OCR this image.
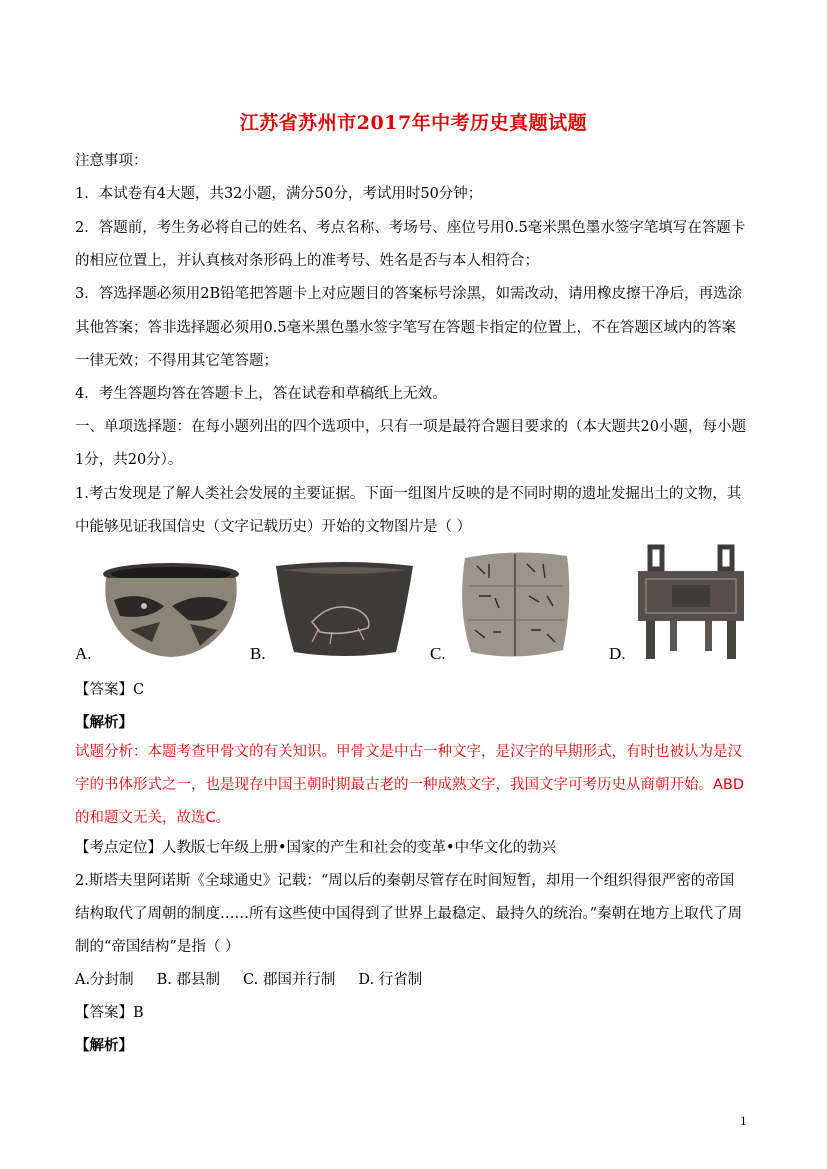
江苏省苏州市2017年中考历史真题试题
注意事项：
1．本试卷有4大题，共32小题，满分50分，考试用时50分钟；
2．答题前，考生务必将自己的姓名、考点名称、考场号、座位号用0.5毫米黑色墨水签字笔填写在答题卡
的相应位置上，并认真核对条形码上的准考号、姓名是否与本人相符合；
3．答选择题必须用2B铅笔把答题卡上对应题目的答案标号涂黑，如需改动，请用橡皮擦干净后，再选涂
其他答案；答非选择题必须用0.5毫米黑色墨水签字笔写在答题卡指定的位置上，不在答题区域内的答案
一律无效；不得用其它笔答题；
4．考生答题均答在答题卡上，答在试卷和草稿纸上无效。
一、单项选择题：在每小题列出的四个选项中，只有一项是最符合题目要求的（本大题共20小题，每小题
1分，共20分）。
1.考古发现是了解人类社会发展的主要证据。下面一组图片反映的是不同时期的遗址发掘出土的文物，其
中能够见证我国信史（文字记载历史）开始的文物图片是（ ）
A.	B.	C.	D.
【答案】C
【解析】
试题分析：本题考查甲骨文的有关知识。甲骨文是中古一种文字，是汉字的早期形式，有时也被认为是汉
字的书体形式之一，也是现存中国王朝时期最古老的一种成熟文字，我国文字可考历史从商朝开始。ABD
的和题文无关，故选C。
【考点定位】人教版七年级上册•国家的产生和社会的变革•中华文化的勃兴
2.斯塔夫里阿诺斯《全球通史》记载：“周以后的秦朝尽管存在时间短暂，却用一个组织得很严密的帝国
结构取代了周朝的制度……所有这些使中国得到了世界上最稳定、最持久的统治。”秦朝在地方上取代了周
制的“帝国结构”是指（ ）
A.分封制     B. 郡县制     C. 郡国并行制     D. 行省制
【答案】B
【解析】
1
